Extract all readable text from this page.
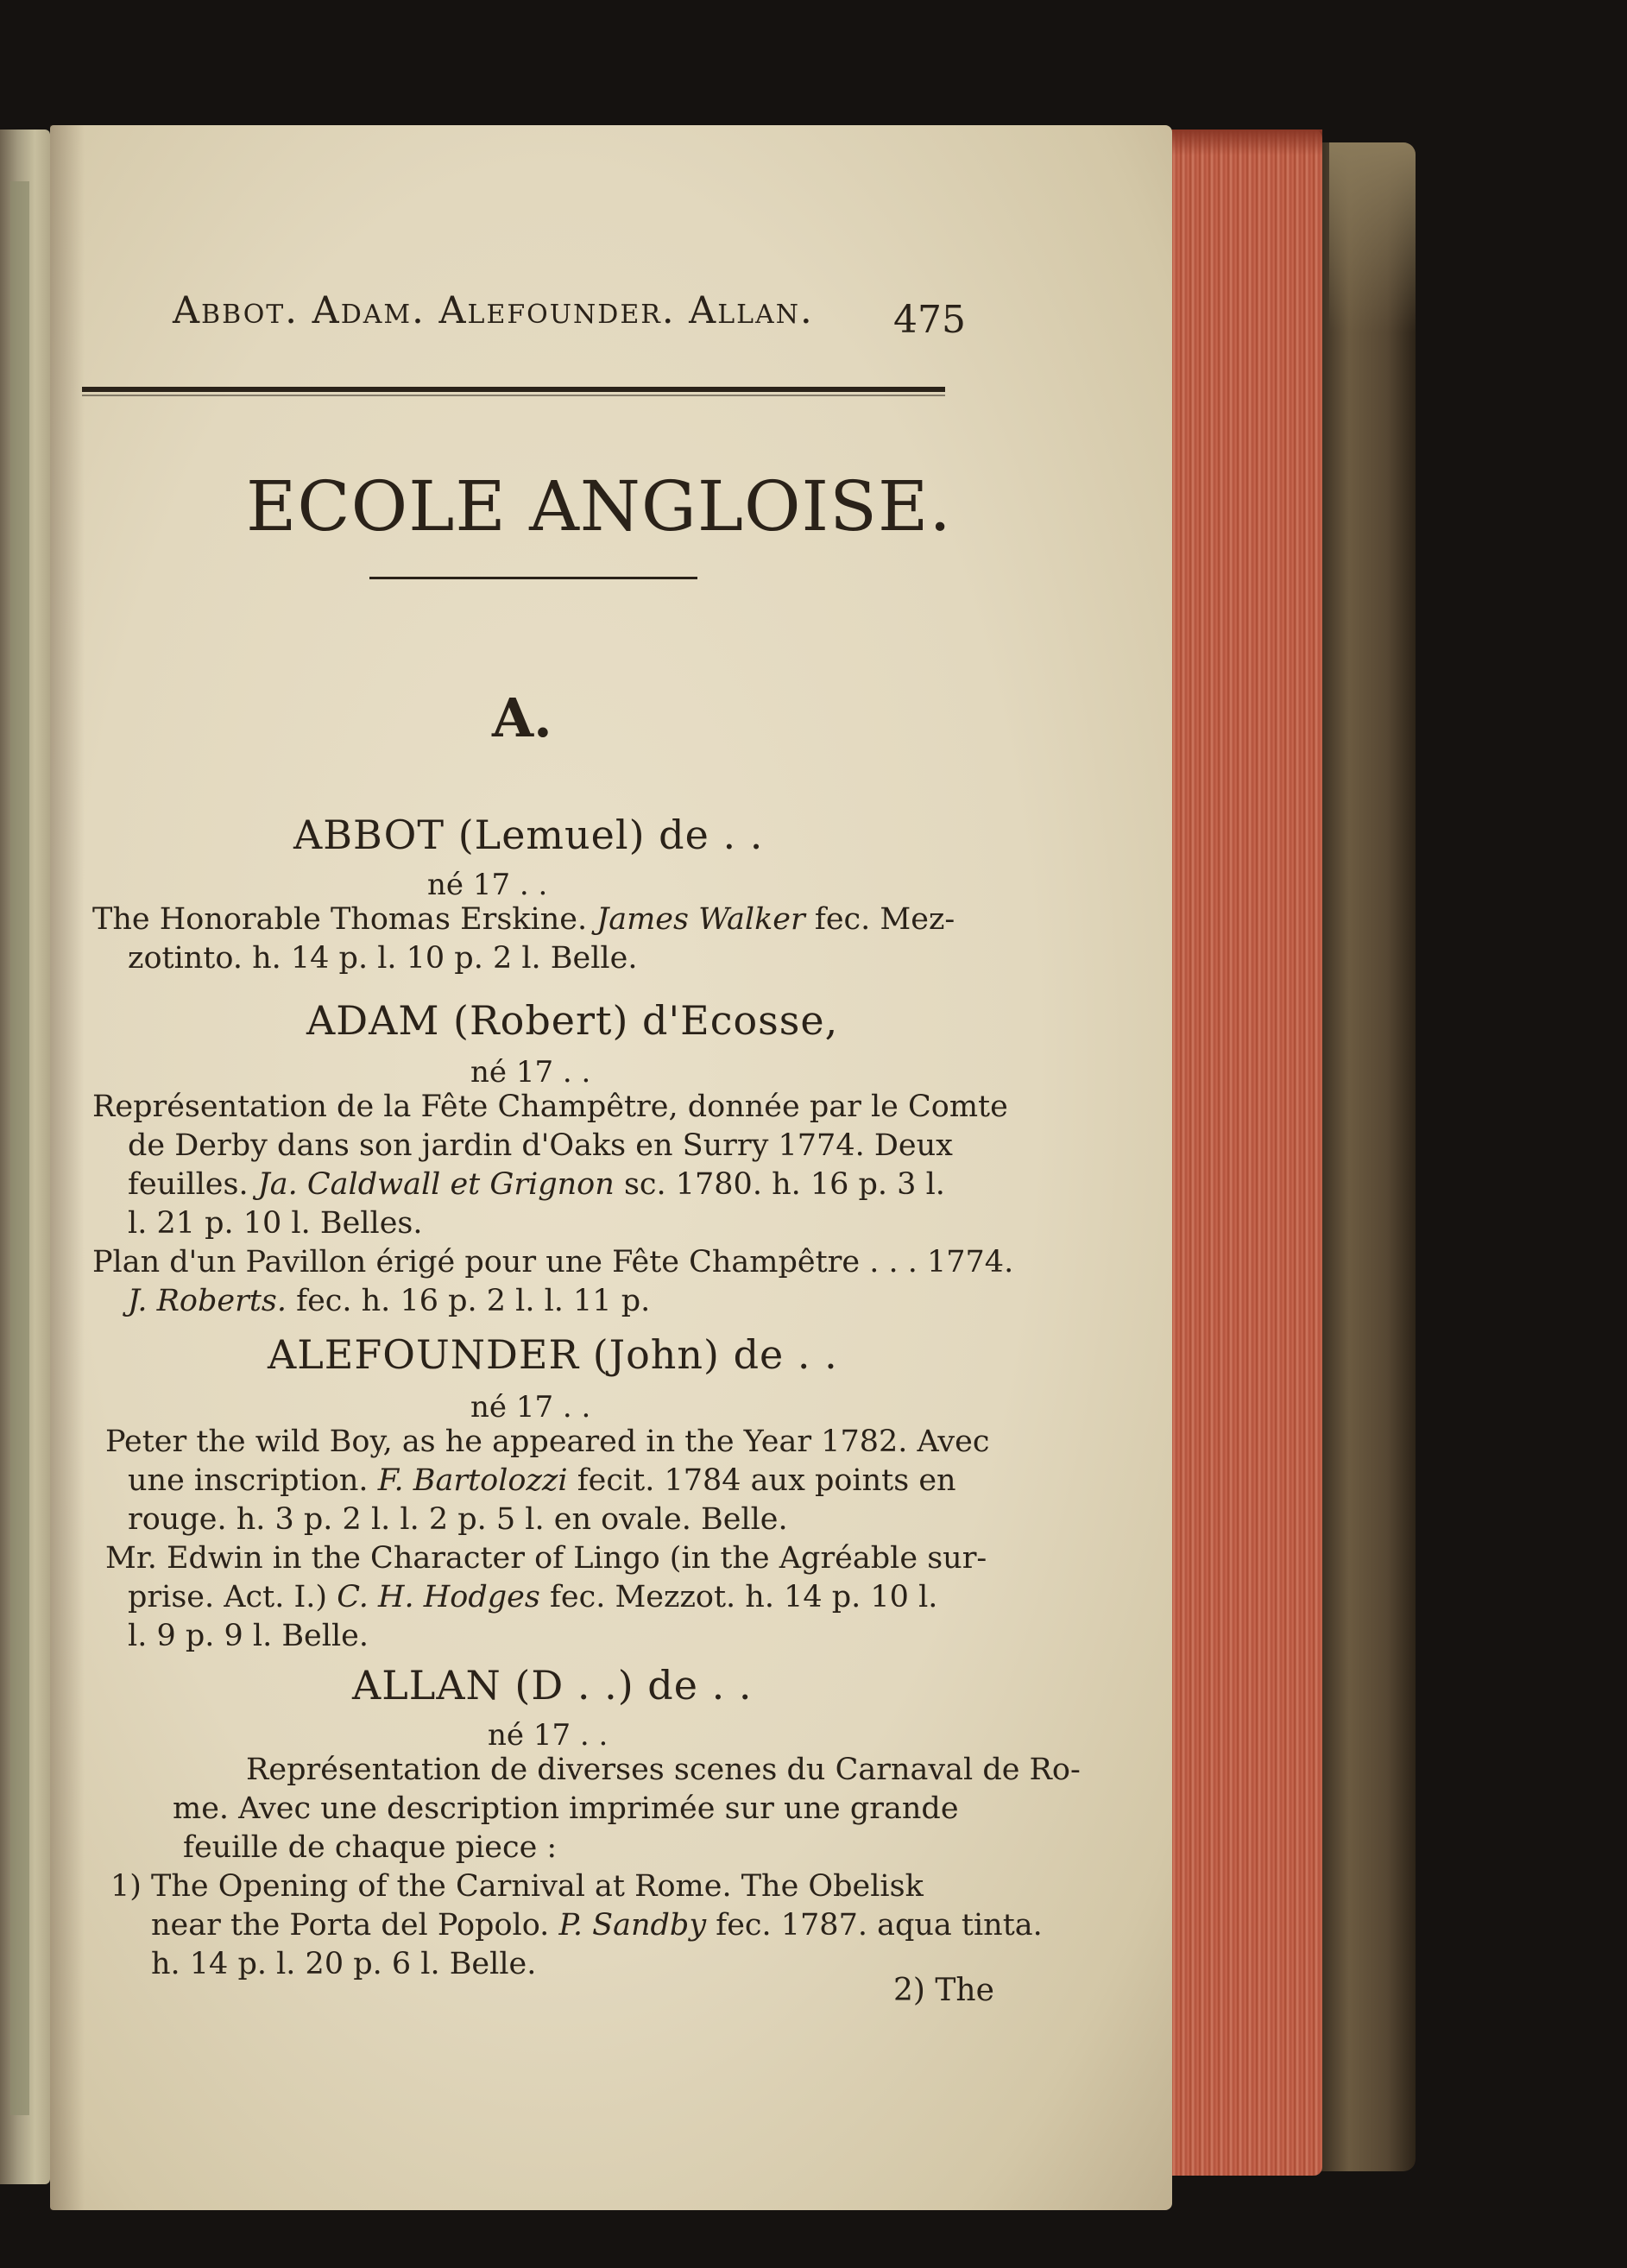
Abbot. Adam. Alefounder. Allan. 475
ECOLE ANGLOISE.
A.
ABBOT (Lemuel) de . .
né 17 . .
The Honorable Thomas Erskine. James Walker fec. Mez-
zotinto. h. 14 p. l. 10 p. 2 l. Belle.
ADAM (Robert) d'Ecosse,
né 17 . .
Représentation de la Fête Champêtre, donnée par le Comte
de Derby dans son jardin d'Oaks en Surry 1774. Deux
feuilles. Ja. Caldwall et Grignon sc. 1780. h. 16 p. 3 l.
l. 21 p. 10 l. Belles.
Plan d'un Pavillon érigé pour une Fête Champêtre . . . 1774.
J. Roberts. fec. h. 16 p. 2 l. l. 11 p.
ALEFOUNDER (John) de . .
né 17 . .
Peter the wild Boy, as he appeared in the Year 1782. Avec
une inscription. F. Bartolozzi fecit. 1784 aux points en
rouge. h. 3 p. 2 l. l. 2 p. 5 l. en ovale. Belle.
Mr. Edwin in the Character of Lingo (in the Agréable sur-
prise. Act. I.) C. H. Hodges fec. Mezzot. h. 14 p. 10 l.
l. 9 p. 9 l. Belle.
ALLAN (D . .) de . .
né 17 . .
Représentation de diverses scenes du Carnaval de Ro-
me. Avec une description imprimée sur une grande
feuille de chaque piece :
1) The Opening of the Carnival at Rome. The Obelisk
near the Porta del Popolo. P. Sandby fec. 1787. aqua tinta.
h. 14 p. l. 20 p. 6 l. Belle.
2) The
